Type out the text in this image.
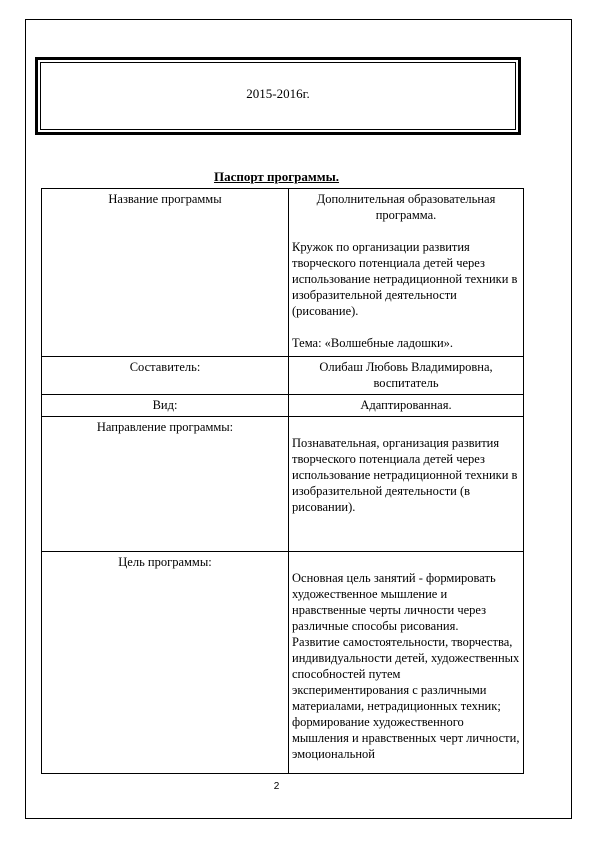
2015-2016г.
Паспорт программы.
Название программы	Дополнительная образовательная программа.

Кружок по организации развития творческого потенциала детей через использование нетрадиционной техники в изобразительной деятельности (рисование).

Тема: «Волшебные ладошки».

Составитель:	Олибаш Любовь Владимировна, воспитатель

Вид:	Адаптированная.

Направление программы:	Познавательная, организация развития творческого потенциала детей через использование нетрадиционной техники в изобразительной деятельности (в рисовании).

Цель программы:	Основная цель занятий - формировать художественное мышление и нравственные черты личности через различные способы рисования.

Развитие самостоятельности, творчества, индивидуальности детей, художественных способностей путем экспериментирования с различными материалами, нетрадиционных техник; формирование художественного мышления и нравственных черт личности, эмоциональной

2
